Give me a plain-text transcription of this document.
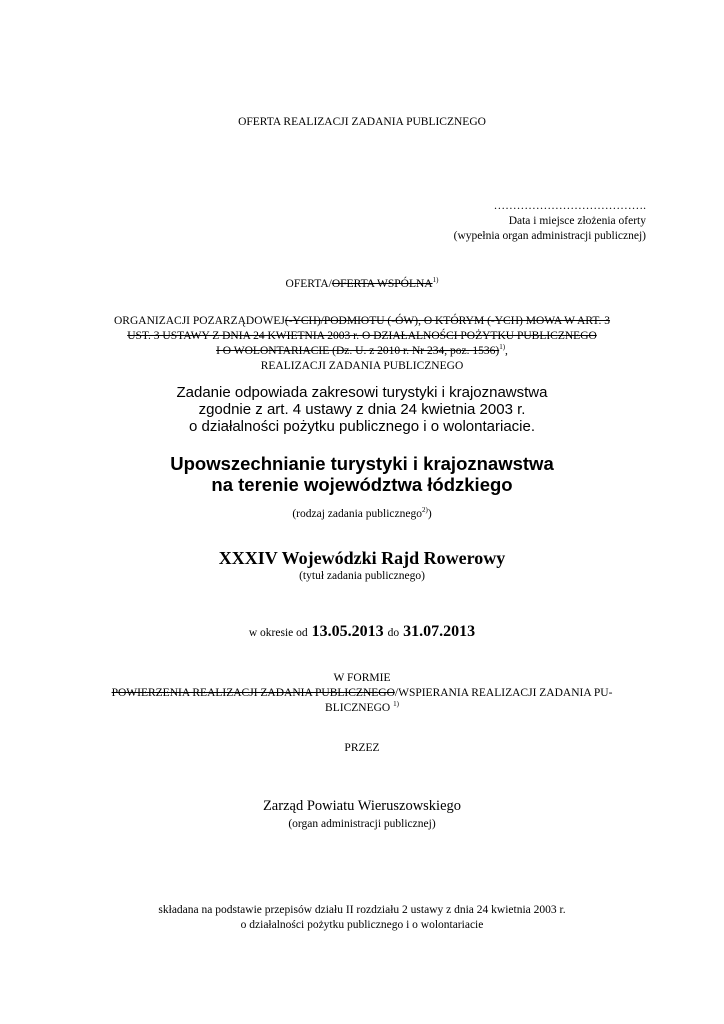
OFERTA REALIZACJI ZADANIA PUBLICZNEGO
………………………………….
Data i miejsce złożenia oferty
(wypełnia organ administracji publicznej)
OFERTA/OFERTA WSPÓLNA$^{1)}$
ORGANIZACJI POZARZĄDOWEJ(-YCH)/PODMIOTU (-ÓW), O KTÓRYM (-YCH) MOWA W ART. 3
UST. 3 USTAWY Z DNIA 24 KWIETNIA 2003 r. O DZIAŁALNOŚCI POŻYTKU PUBLICZNEGO
I O WOLONTARIACIE (Dz. U. z 2010 r. Nr 234, poz. 1536)$^{1)}$,
REALIZACJI ZADANIA PUBLICZNEGO
Zadanie odpowiada zakresowi turystyki i krajoznawstwa
zgodnie z art. 4 ustawy z dnia 24 kwietnia 2003 r.
o działalności pożytku publicznego i o wolontariacie.
Upowszechnianie turystyki i krajoznawstwa
na terenie województwa łódzkiego
(rodzaj zadania publicznego$^{2)}$)
XXXIV Wojewódzki Rajd Rowerowy
(tytuł zadania publicznego)
w okresie od 13.05.2013 do 31.07.2013
W FORMIE
POWIERZENIA REALIZACJI ZADANIA PUBLICZNEGO/WSPIERANIA REALIZACJI ZADANIA PU-
BLICZNEGO $^{1)}$
PRZEZ
Zarząd Powiatu Wieruszowskiego
(organ administracji publicznej)
składana na podstawie przepisów działu II rozdziału 2 ustawy z dnia 24 kwietnia 2003 r.
o działalności pożytku publicznego i o wolontariacie
